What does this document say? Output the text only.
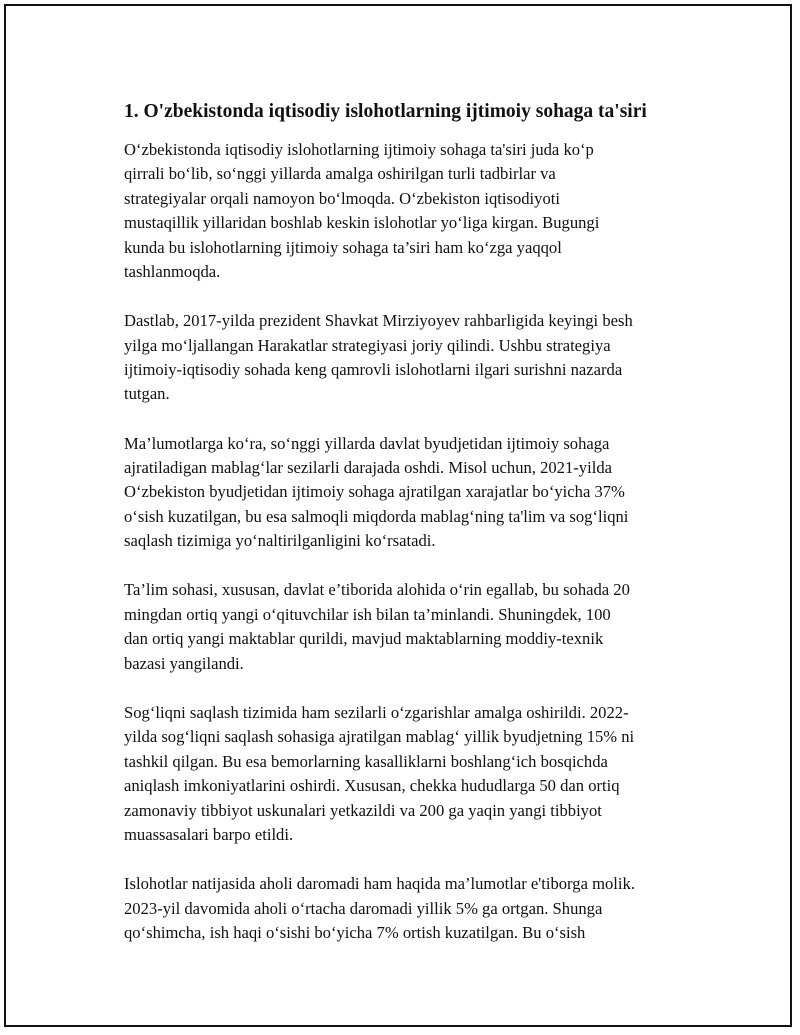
1. O'zbekistonda iqtisodiy islohotlarning ijtimoiy sohaga ta'siri

O‘zbekistonda iqtisodiy islohotlarning ijtimoiy sohaga ta'siri juda ko‘p
qirrali bo‘lib, so‘nggi yillarda amalga oshirilgan turli tadbirlar va
strategiyalar orqali namoyon bo‘lmoqda. O‘zbekiston iqtisodiyoti
mustaqillik yillaridan boshlab keskin islohotlar yo‘liga kirgan. Bugungi
kunda bu islohotlarning ijtimoiy sohaga ta’siri ham ko‘zga yaqqol
tashlanmoqda.

Dastlab, 2017-yilda prezident Shavkat Mirziyoyev rahbarligida keyingi besh
yilga mo‘ljallangan Harakatlar strategiyasi joriy qilindi. Ushbu strategiya
ijtimoiy-iqtisodiy sohada keng qamrovli islohotlarni ilgari surishni nazarda
tutgan.

Ma’lumotlarga ko‘ra, so‘nggi yillarda davlat byudjetidan ijtimoiy sohaga
ajratiladigan mablag‘lar sezilarli darajada oshdi. Misol uchun, 2021-yilda
O‘zbekiston byudjetidan ijtimoiy sohaga ajratilgan xarajatlar bo‘yicha 37%
o‘sish kuzatilgan, bu esa salmoqli miqdorda mablag‘ning ta'lim va sog‘liqni
saqlash tizimiga yo‘naltirilganligini ko‘rsatadi.

Ta’lim sohasi, xususan, davlat e’tiborida alohida o‘rin egallab, bu sohada 20
mingdan ortiq yangi o‘qituvchilar ish bilan ta’minlandi. Shuningdek, 100
dan ortiq yangi maktablar qurildi, mavjud maktablarning moddiy-texnik
bazasi yangilandi.

Sog‘liqni saqlash tizimida ham sezilarli o‘zgarishlar amalga oshirildi. 2022-
yilda sog‘liqni saqlash sohasiga ajratilgan mablag‘ yillik byudjetning 15% ni
tashkil qilgan. Bu esa bemorlarning kasalliklarni boshlang‘ich bosqichda
aniqlash imkoniyatlarini oshirdi. Xususan, chekka hududlarga 50 dan ortiq
zamonaviy tibbiyot uskunalari yetkazildi va 200 ga yaqin yangi tibbiyot
muassasalari barpo etildi.

Islohotlar natijasida aholi daromadi ham haqida ma’lumotlar e'tiborga molik.
2023-yil davomida aholi o‘rtacha daromadi yillik 5% ga ortgan. Shunga
qo‘shimcha, ish haqi o‘sishi bo‘yicha 7% ortish kuzatilgan. Bu o‘sish
